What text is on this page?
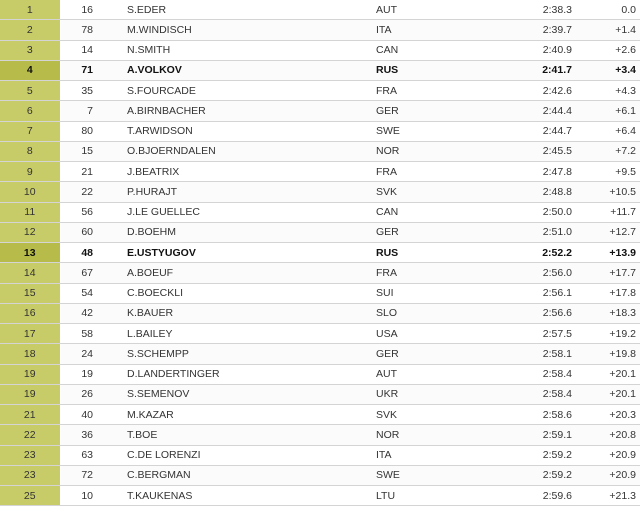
1	16	S.EDER	AUT	2:38.3	0.0
2	78	M.WINDISCH	ITA	2:39.7	+1.4
3	14	N.SMITH	CAN	2:40.9	+2.6
4	71	A.VOLKOV	RUS	2:41.7	+3.4
5	35	S.FOURCADE	FRA	2:42.6	+4.3
6	7	A.BIRNBACHER	GER	2:44.4	+6.1
7	80	T.ARWIDSON	SWE	2:44.7	+6.4
8	15	O.BJOERNDALEN	NOR	2:45.5	+7.2
9	21	J.BEATRIX	FRA	2:47.8	+9.5
10	22	P.HURAJT	SVK	2:48.8	+10.5
11	56	J.LE GUELLEC	CAN	2:50.0	+11.7
12	60	D.BOEHM	GER	2:51.0	+12.7
13	48	E.USTYUGOV	RUS	2:52.2	+13.9
14	67	A.BOEUF	FRA	2:56.0	+17.7
15	54	C.BOECKLI	SUI	2:56.1	+17.8
16	42	K.BAUER	SLO	2:56.6	+18.3
17	58	L.BAILEY	USA	2:57.5	+19.2
18	24	S.SCHEMPP	GER	2:58.1	+19.8
19	19	D.LANDERTINGER	AUT	2:58.4	+20.1
19	26	S.SEMENOV	UKR	2:58.4	+20.1
21	40	M.KAZAR	SVK	2:58.6	+20.3
22	36	T.BOE	NOR	2:59.1	+20.8
23	63	C.DE LORENZI	ITA	2:59.2	+20.9
23	72	C.BERGMAN	SWE	2:59.2	+20.9
25	10	T.KAUKENAS	LTU	2:59.6	+21.3
